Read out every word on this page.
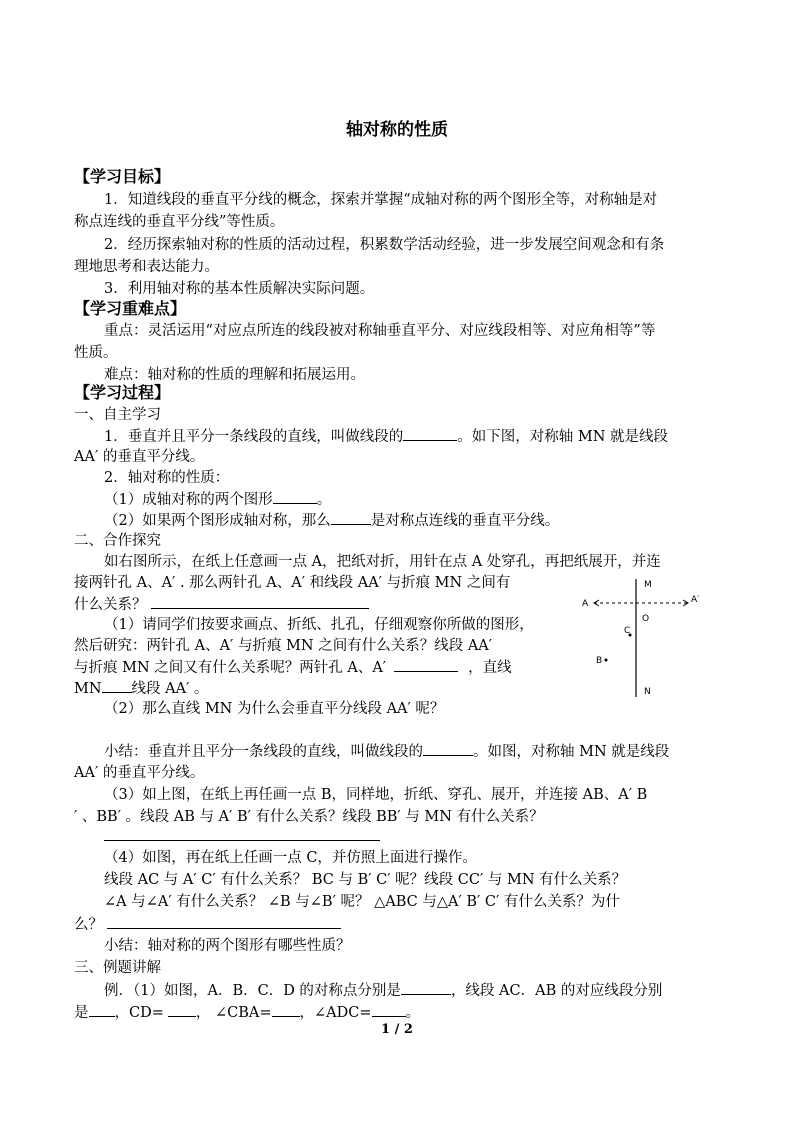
轴对称的性质
【学习目标】
1．知道线段的垂直平分线的概念，探索并掌握“成轴对称的两个图形全等，对称轴是对
称点连线的垂直平分线”等性质。
2．经历探索轴对称的性质的活动过程，积累数学活动经验，进一步发展空间观念和有条
理地思考和表达能力。
3．利用轴对称的基本性质解决实际问题。
【学习重难点】
重点：灵活运用“对应点所连的线段被对称轴垂直平分、对应线段相等、对应角相等”等
性质。
难点：轴对称的性质的理解和拓展运用。
【学习过程】
一、自主学习
1．垂直并且平分一条线段的直线，叫做线段的	。如下图，对称轴 MN 就是线段
AA′ 的垂直平分线。
2．轴对称的性质：
（1）成轴对称的两个图形	。
（2）如果两个图形成轴对称，那么	是对称点连线的垂直平分线。
二、合作探究
如右图所示，在纸上任意画一点 A，把纸对折，用针在点 A 处穿孔，再把纸展开，并连
接两针孔 A、A′ . 那么两针孔 A、A′ 和线段 AA′ 与折痕 MN 之间有
什么关系？
（1）请同学们按要求画点、折纸、扎孔，仔细观察你所做的图形，
然后研究：两针孔 A、A′ 与折痕 MN 之间有什么关系？线段 AA′
与折痕 MN 之间又有什么关系呢？两针孔 A、A′	，直线
MN 线段 AA′ 。
（2）那么直线 MN 为什么会垂直平分线段 AA′ 呢？
小结：垂直并且平分一条线段的直线，叫做线段的	。如图，对称轴 MN 就是线段
AA′ 的垂直平分线。
（3）如上图，在纸上再任画一点 B，同样地，折纸、穿孔、展开，并连接 AB、A′ B
′ 、BB′ 。线段 AB 与 A′ B′ 有什么关系？线段 BB′ 与 MN 有什么关系？
（4）如图，再在纸上任画一点 C，并仿照上面进行操作。
线段 AC 与 A′ C′ 有什么关系？ BC 与 B′ C′ 呢？线段 CC′ 与 MN 有什么关系？
∠A 与∠A′ 有什么关系？ ∠B 与∠B′ 呢？ △ABC 与△A′ B′ C′ 有什么关系？为什
么？
小结：轴对称的两个图形有哪些性质？
三、例题讲解
例．（1）如图，A．B．C．D 的对称点分别是	，线段 AC．AB 的对应线段分别
是 ，CD= ， ∠CBA= ，∠ADC= 。
M
A	A′
O
C
B
N
1 / 2
